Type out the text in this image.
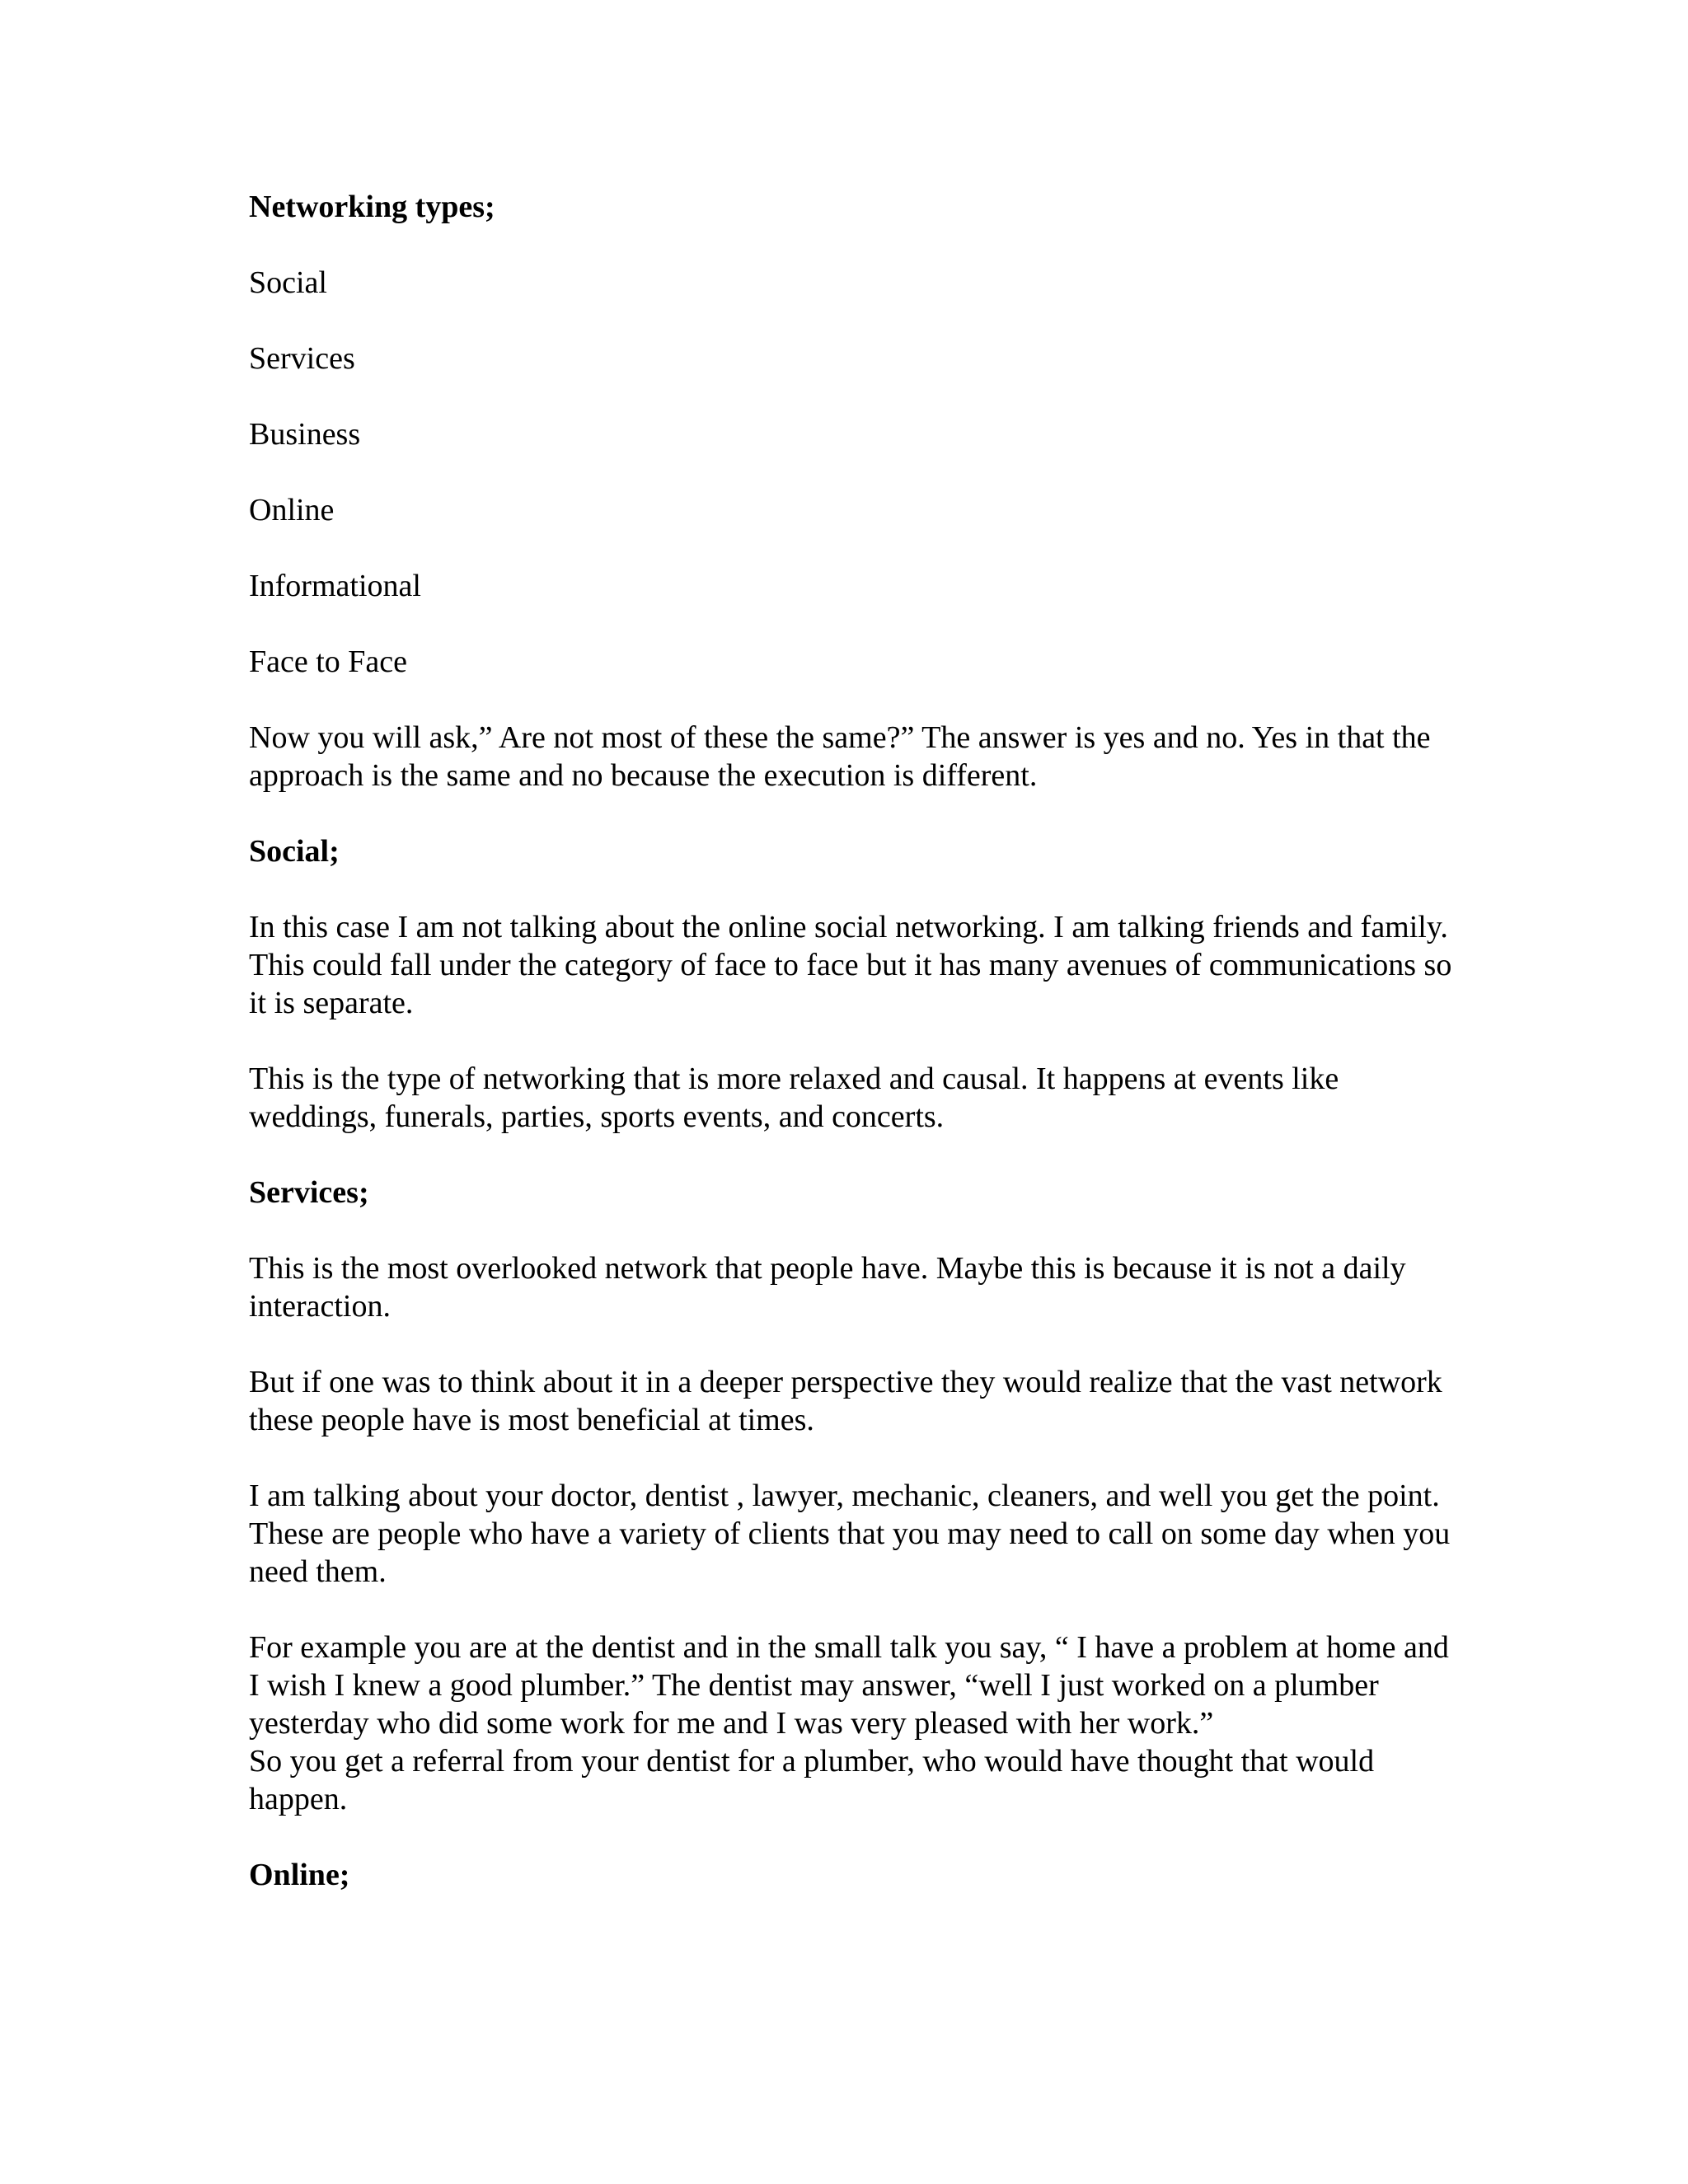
Networking types;

Social

Services

Business

Online

Informational

Face to Face

Now you will ask,” Are not most of these the same?” The answer is yes and no. Yes in that the approach is the same and no because the execution is different.

Social;

In this case I am not talking about the online social networking. I am talking friends and family. This could fall under the category of face to face but it has many avenues of communications so it is separate.

This is the type of networking that is more relaxed and causal. It happens at events like weddings, funerals, parties, sports events, and concerts.

Services;

This is the most overlooked network that people have. Maybe this is because it is not a daily interaction.

But if one was to think about it in a deeper perspective they would realize that the vast network these people have is most beneficial at times.

I am talking about your doctor, dentist , lawyer, mechanic, cleaners, and well you get the point. These are people who have a variety of clients that you may need to call on some day when you need them.

For example you are at the dentist and in the small talk you say, “ I have a problem at home and I wish I knew a good plumber.” The dentist may answer, “well I just worked on a plumber yesterday who did some work for me and I was very pleased with her work.”

So you get a referral from your dentist for a plumber, who would have thought that would happen.

Online;
